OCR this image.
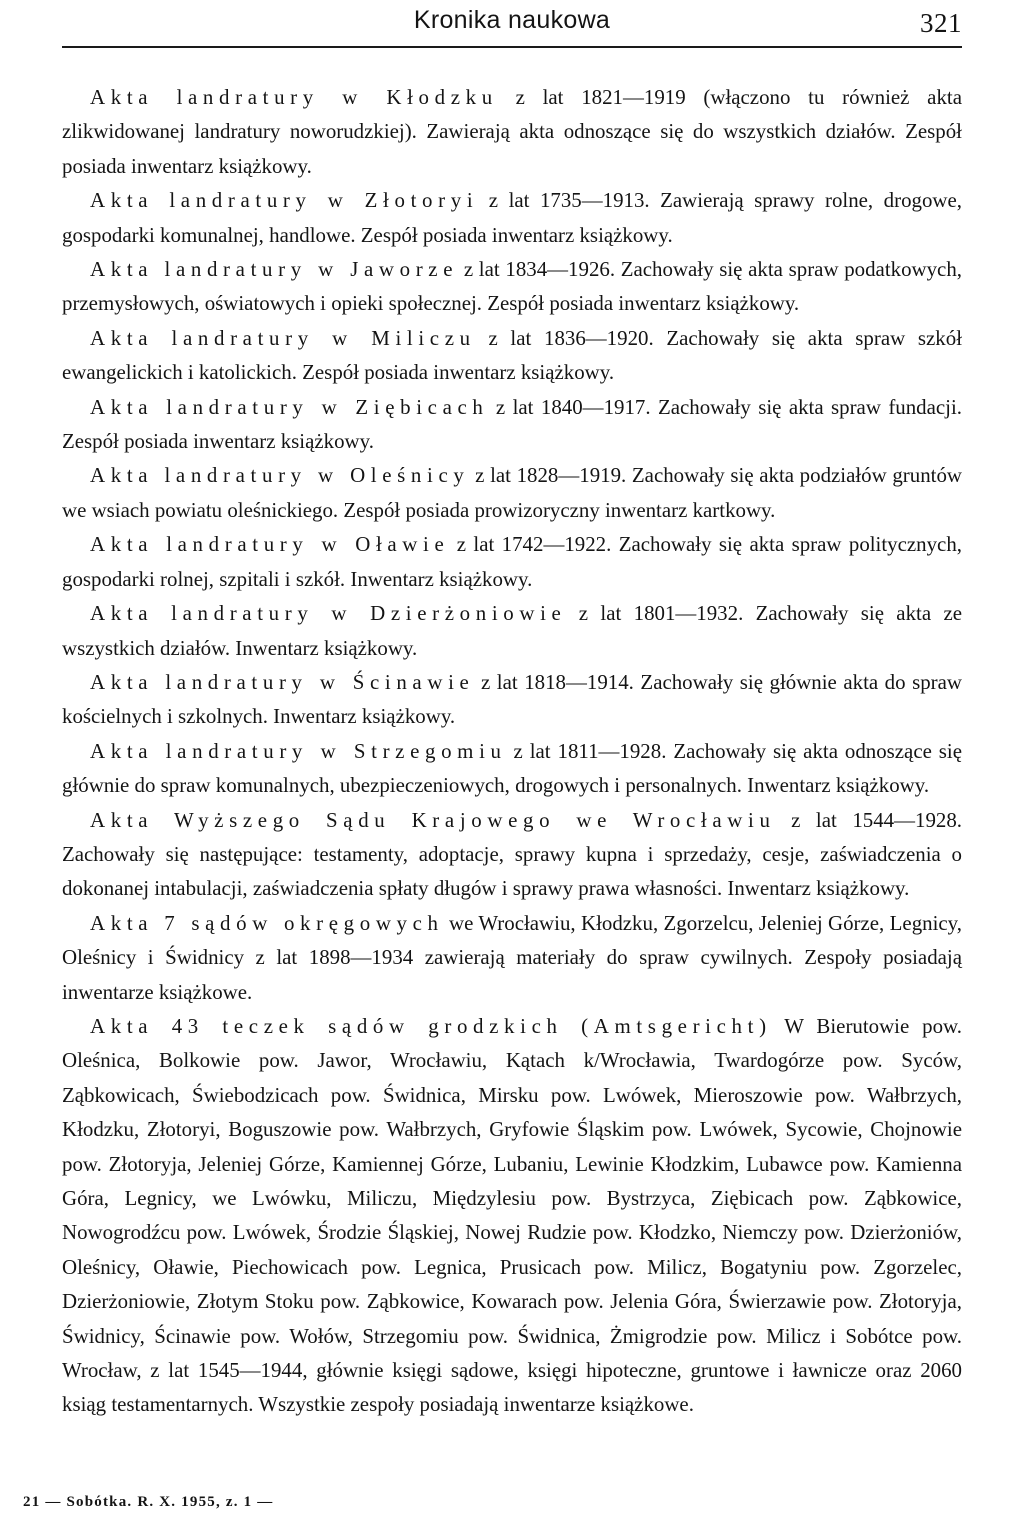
Kronika naukowa	321

Akta landratury w Kłodzku z lat 1821—1919 (włączono tu również akta zlikwidowanej landratury noworudzkiej). Zawierają akta odnoszące się do wszystkich działów. Zespół posiada inwentarz książkowy.

Akta landratury w Złotoryi z lat 1735—1913. Zawierają sprawy rolne, drogowe, gospodarki komunalnej, handlowe. Zespół posiada inwentarz książkowy.

Akta landratury w Jaworze z lat 1834—1926. Zachowały się akta spraw podatkowych, przemysłowych, oświatowych i opieki społecznej. Zespół posiada inwentarz książkowy.

Akta landratury w Miliczu z lat 1836—1920. Zachowały się akta spraw szkół ewangelickich i katolickich. Zespół posiada inwentarz książkowy.

Akta landratury w Ziębicach z lat 1840—1917. Zachowały się akta spraw fundacji. Zespół posiada inwentarz książkowy.

Akta landratury w Oleśnicy z lat 1828—1919. Zachowały się akta podziałów gruntów we wsiach powiatu oleśnickiego. Zespół posiada prowizoryczny inwentarz kartkowy.

Akta landratury w Oławie z lat 1742—1922. Zachowały się akta spraw politycznych, gospodarki rolnej, szpitali i szkół. Inwentarz książkowy.

Akta landratury w Dzierżoniowie z lat 1801—1932. Zachowały się akta ze wszystkich działów. Inwentarz książkowy.

Akta landratury w Ścinawie z lat 1818—1914. Zachowały się głównie akta do spraw kościelnych i szkolnych. Inwentarz książkowy.

Akta landratury w Strzegomiu z lat 1811—1928. Zachowały się akta odnoszące się głównie do spraw komunalnych, ubezpieczeniowych, drogowych i personalnych. Inwentarz książkowy.

Akta Wyższego Sądu Krajowego we Wrocławiu z lat 1544—1928. Zachowały się następujące: testamenty, adoptacje, sprawy kupna i sprzedaży, cesje, zaświadczenia o dokonanej intabulacji, zaświadczenia spłaty długów i sprawy prawa własności. Inwentarz książkowy.

Akta 7 sądów okręgowych we Wrocławiu, Kłodzku, Zgorzelcu, Jeleniej Górze, Legnicy, Oleśnicy i Świdnicy z lat 1898—1934 zawierają materiały do spraw cywilnych. Zespoły posiadają inwentarze książkowe.

Akta 43 teczek sądów grodzkich (Amtsgericht) W Bierutowie pow. Oleśnica, Bolkowie pow. Jawor, Wrocławiu, Kątach k/Wrocławia, Twardogórze pow. Syców, Ząbkowicach, Świebodzicach pow. Świdnica, Mirsku pow. Lwówek, Mieroszowie pow. Wałbrzych, Kłodzku, Złotoryi, Boguszowie pow. Wałbrzych, Gryfowie Śląskim pow. Lwówek, Sycowie, Chojnowie pow. Złotoryja, Jeleniej Górze, Kamiennej Górze, Lubaniu, Lewinie Kłodzkim, Lubawce pow. Kamienna Góra, Legnicy, we Lwówku, Miliczu, Międzylesiu pow. Bystrzyca, Ziębicach pow. Ząbkowice, Nowogrodźcu pow. Lwówek, Środzie Śląskiej, Nowej Rudzie pow. Kłodzko, Niemczy pow. Dzierżoniów, Oleśnicy, Oławie, Piechowicach pow. Legnica, Prusicach pow. Milicz, Bogatyniu pow. Zgorzelec, Dzierżoniowie, Złotym Stoku pow. Ząbkowice, Kowarach pow. Jelenia Góra, Świerzawie pow. Złotoryja, Świdnicy, Ścinawie pow. Wołów, Strzegomiu pow. Świdnica, Żmigrodzie pow. Milicz i Sobótce pow. Wrocław, z lat 1545—1944, głównie księgi sądowe, księgi hipoteczne, gruntowe i ławnicze oraz 2060 ksiąg testamentarnych. Wszystkie zespoły posiadają inwentarze książkowe.

21 — Sobótka. R. X. 1955, z. 1 —
